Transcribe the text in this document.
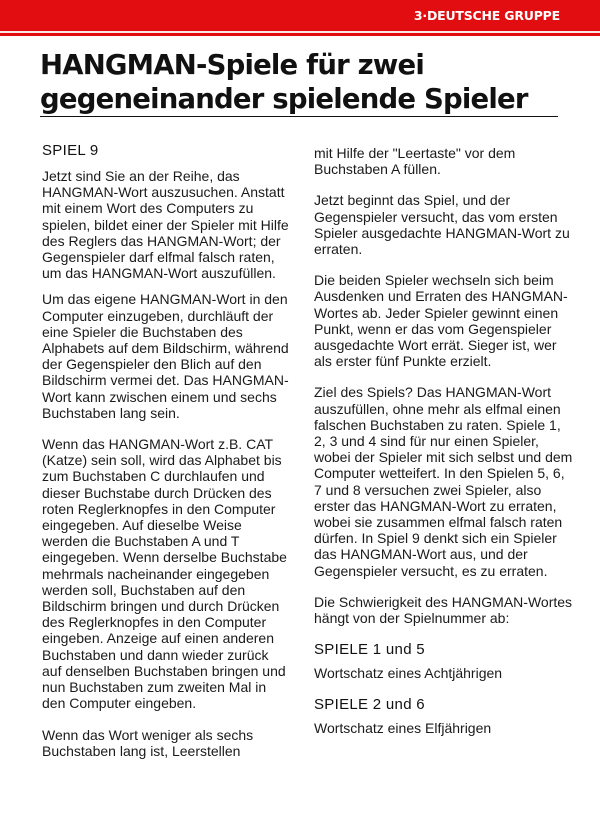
3·DEUTSCHE GRUPPE
HANGMAN-Spiele für zwei
gegeneinander spielende Spieler
SPIEL 9

Jetzt sind Sie an der Reihe, das HANGMAN-Wort auszusuchen. Anstatt mit einem Wort des Computers zu spielen, bildet einer der Spieler mit Hilfe des Reglers das HANGMAN-Wort; der Gegenspieler darf elfmal falsch raten, um das HANGMAN-Wort auszufüllen.

Um das eigene HANGMAN-Wort in den Computer einzugeben, durchläuft der eine Spieler die Buchstaben des Alphabets auf dem Bildschirm, während der Gegenspieler den Blich auf den Bildschirm vermei det. Das HANGMAN-Wort kann zwischen einem und sechs Buchstaben lang sein.

Wenn das HANGMAN-Wort z.B. CAT (Katze) sein soll, wird das Alphabet bis zum Buchstaben C durchlaufen und dieser Buchstabe durch Drücken des roten Reglerknopfes in den Computer eingegeben. Auf dieselbe Weise werden die Buchstaben A und T eingegeben. Wenn derselbe Buchstabe mehrmals nacheinander eingegeben werden soll, Buchstaben auf den Bildschirm bringen und durch Drücken des Reglerknopfes in den Computer eingeben. Anzeige auf einen anderen Buchstaben und dann wieder zurück auf denselben Buchstaben bringen und nun Buchstaben zum zweiten Mal in den Computer eingeben.

Wenn das Wort weniger als sechs Buchstaben lang ist, Leerstellen

mit Hilfe der "Leertaste" vor dem Buchstaben A füllen.

Jetzt beginnt das Spiel, und der Gegenspieler versucht, das vom ersten Spieler ausgedachte HANGMAN-Wort zu erraten.

Die beiden Spieler wechseln sich beim Ausdenken und Erraten des HANGMAN-Wortes ab. Jeder Spieler gewinnt einen Punkt, wenn er das vom Gegenspieler ausgedachte Wort errät. Sieger ist, wer als erster fünf Punkte erzielt.

Ziel des Spiels? Das HANGMAN-Wort auszufüllen, ohne mehr als elfmal einen falschen Buchstaben zu raten. Spiele 1, 2, 3 und 4 sind für nur einen Spieler, wobei der Spieler mit sich selbst und dem Computer wetteifert. In den Spielen 5, 6, 7 und 8 versuchen zwei Spieler, also erster das HANGMAN-Wort zu erraten, wobei sie zusammen elfmal falsch raten dürfen. In Spiel 9 denkt sich ein Spieler das HANGMAN-Wort aus, und der Gegenspieler versucht, es zu erraten.

Die Schwierigkeit des HANGMAN-Wortes hängt von der Spielnummer ab:

SPIELE 1 und 5

Wortschatz eines Achtjährigen

SPIELE 2 und 6

Wortschatz eines Elfjährigen
